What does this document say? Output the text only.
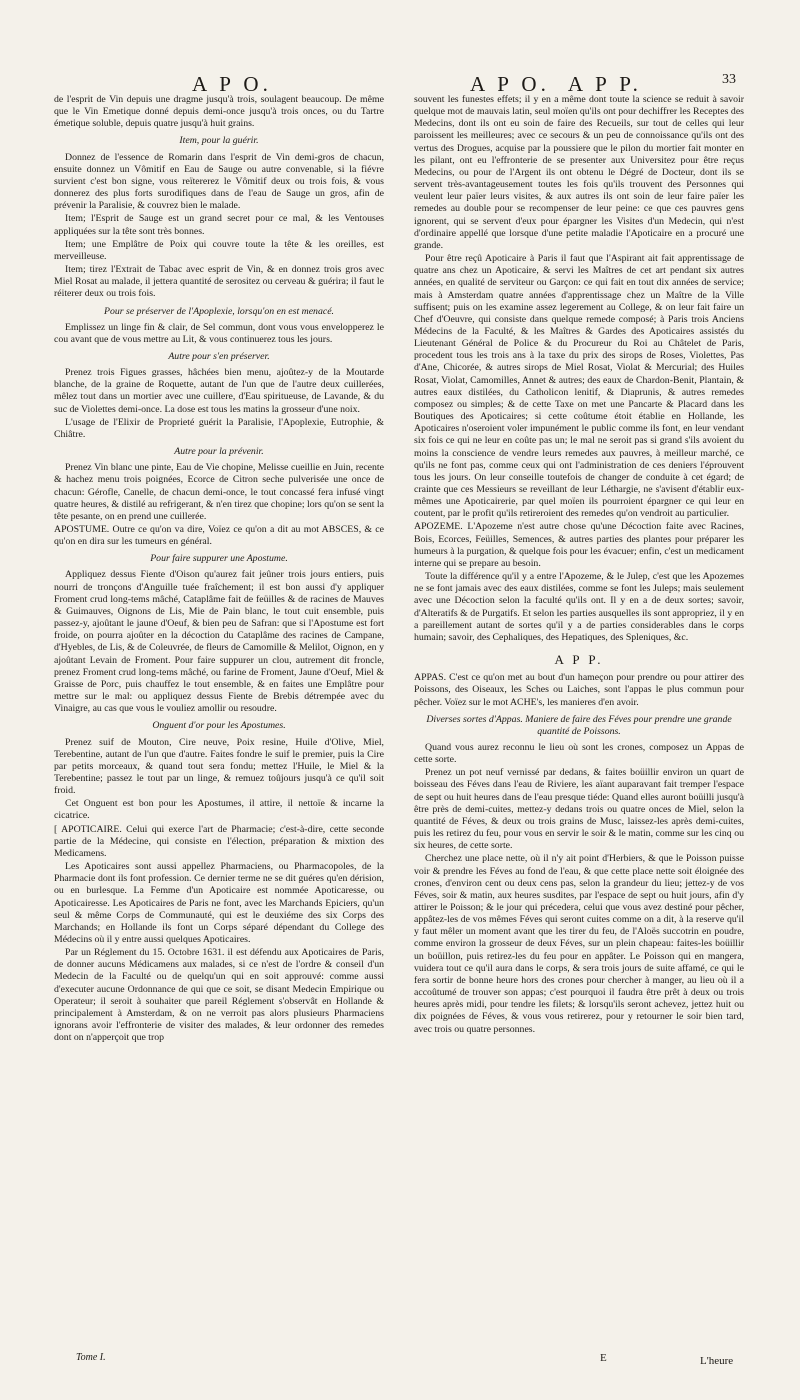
A P O.	A P O. A P P.	33

de l'esprit de Vin depuis une dragme jusqu'à trois, soulagent beaucoup. De même que le Vin Emetique donné depuis demi-once jusqu'à trois onces, ou du Tartre émetique soluble, depuis quatre jusqu'à huit grains.

Item, pour la guérir.

Donnez de l'essence de Romarin dans l'esprit de Vin demi-gros de chacun, ensuite donnez un Vômitif en Eau de Sauge ou autre convenable, si la fiévre survient c'est bon signe, vous reïtererez le Vômitif deux ou trois fois, & vous donnerez des plus forts surodifiques dans de l'eau de Sauge un gros, afin de prévenir la Paralisie, & couvrez bien le malade.

Item; l'Esprit de Sauge est un grand secret pour ce mal, & les Ventouses appliquées sur la tête sont très bonnes.

Item; une Emplâtre de Poix qui couvre toute la tête & les oreilles, est merveilleuse.

Item; tirez l'Extrait de Tabac avec esprit de Vin, & en donnez trois gros avec Miel Rosat au malade, il jettera quantité de serositez ou cerveau & guérira; il faut le réiterer deux ou trois fois.

Pour se préserver de l'Apoplexie, lorsqu'on en est menacé.

Emplissez un linge fin & clair, de Sel commun, dont vous vous envelopperez le cou avant que de vous mettre au Lit, & vous continuerez tous les jours.

Autre pour s'en préserver.

Prenez trois Figues grasses, hâchées bien menu, ajoûtez-y de la Moutarde blanche, de la graine de Roquette, autant de l'un que de l'autre deux cuillerées, mêlez tout dans un mortier avec une cuillere, d'Eau spiritueuse, de Lavande, & du suc de Violettes demi-once. La dose est tous les matins la grosseur d'une noix.

L'usage de l'Elixir de Proprieté guérit la Paralisie, l'Apoplexie, Eutrophie, & Chiâtre.

Autre pour la prévenir.

Prenez Vin blanc une pinte, Eau de Vie chopine, Melisse cueillie en Juin, recente & hachez menu trois poignées, Ecorce de Citron seche pulverisée une once de chacun: Gérofle, Canelle, de chacun demi-once, le tout concassé fera infusé vingt quatre heures, & distilé au refrigerant, & n'en tirez que chopine; lors qu'on se sent la tête pesante, on en prend une cuillerée.

APOSTUME. Outre ce qu'on va dire, Voïez ce qu'on a dit au mot ABSCES, & ce qu'on en dira sur les tumeurs en général.

Pour faire suppurer une Apostume.

Appliquez dessus Fiente d'Oison qu'aurez fait jeûner trois jours entiers, puis nourri de tronçons d'Anguille tuée fraîchement; il est bon aussi d'y appliquer Froment crud long-tems mâché, Cataplâme fait de feüilles & de racines de Mauves & Guimauves, Oignons de Lis, Mie de Pain blanc, le tout cuit ensemble, puis passez-y, ajoûtant le jaune d'Oeuf, & bien peu de Safran: que si l'Apostume est fort froide, on pourra ajoûter en la décoction du Cataplâme des racines de Campane, d'Hyebles, de Lis, & de Coleuvrée, de fleurs de Camomille & Melilot, Oignon, en y ajoûtant Levain de Froment. Pour faire suppurer un clou, autrement dit froncle, prenez Froment crud long-tems mâché, ou farine de Froment, Jaune d'Oeuf, Miel & Graisse de Porc, puis chauffez le tout ensemble, & en faites une Emplâtre pour mettre sur le mal: ou appliquez dessus Fiente de Brebis détrempée avec du Vinaigre, au cas que vous le vouliez amollir ou resoudre.

Onguent d'or pour les Apostumes.

Prenez suif de Mouton, Cire neuve, Poix resine, Huile d'Olive, Miel, Terebentine, autant de l'un que d'autre. Faites fondre le suif le premier, puis la Cire par petits morceaux, & quand tout sera fondu; mettez l'Huile, le Miel & la Terebentine; passez le tout par un linge, & remuez toûjours jusqu'à ce qu'il soit froid.

Cet Onguent est bon pour les Apostumes, il attire, il nettoïe & incarne la cicatrice.

[ APOTICAIRE. Celui qui exerce l'art de Pharmacie; c'est-à-dire, cette seconde partie de la Médecine, qui consiste en l'élection, préparation & mixtion des Medicamens.

Les Apoticaires sont aussi appellez Pharmaciens, ou Pharmacopoles, de la Pharmacie dont ils font profession. Ce dernier terme ne se dit guéres qu'en dérision, ou en burlesque. La Femme d'un Apoticaire est nommée Apoticaresse, ou Apoticairesse. Les Apoticaires de Paris ne font, avec les Marchands Epiciers, qu'un seul & même Corps de Communauté, qui est le deuxiéme des six Corps des Marchands; en Hollande ils font un Corps séparé dépendant du College des Médecins où il y entre aussi quelques Apoticaires.

Par un Réglement du 15. Octobre 1631. il est défendu aux Apoticaires de Paris, de donner aucuns Médicamens aux malades, si ce n'est de l'ordre & conseil d'un Medecin de la Faculté ou de quelqu'un qui en soit approuvé: comme aussi d'executer aucune Ordonnance de qui que ce soit, se disant Medecin Empirique ou Operateur; il seroit à souhaiter que pareil Réglement s'observât en Hollande & principalement à Amsterdam, & on ne verroit pas alors plusieurs Pharmaciens ignorans avoir l'effronterie de visiter des malades, & leur ordonner des remedes dont on n'apperçoit que trop

souvent les funestes effets; il y en a même dont toute la science se reduit à savoir quelque mot de mauvais latin, seul moïen qu'ils ont pour dechiffrer les Receptes des Medecins, dont ils ont eu soin de faire des Recueils, sur tout de celles qui leur paroissent les meilleures; avec ce secours & un peu de connoissance qu'ils ont des vertus des Drogues, acquise par la poussiere que le pilon du mortier fait monter en les pilant, ont eu l'effronterie de se presenter aux Universitez pour être reçus Medecins, ou pour de l'Argent ils ont obtenu le Dégré de Docteur, dont ils se servent très-avantageusement toutes les fois qu'ils trouvent des Personnes qui veulent leur païer leurs visites, & aux autres ils ont soin de leur faire païer les remedes au double pour se recompenser de leur peine: ce que ces pauvres gens ignorent, qui se servent d'eux pour épargner les Visites d'un Medecin, qui n'est d'ordinaire appellé que lorsque d'une petite maladie l'Apoticaire en a procuré une grande.

Pour être reçû Apoticaire à Paris il faut que l'Aspirant ait fait apprentissage de quatre ans chez un Apoticaire, & servi les Maîtres de cet art pendant six autres années, en qualité de serviteur ou Garçon: ce qui fait en tout dix années de service; mais à Amsterdam quatre années d'apprentissage chez un Maître de la Ville suffisent; puis on les examine assez legerement au College, & on leur fait faire un Chef d'Oeuvre, qui consiste dans quelque remede composé; à Paris trois Anciens Médecins de la Faculté, & les Maîtres & Gardes des Apoticaires assistés du Lieutenant Général de Police & du Procureur du Roi au Châtelet de Paris, procedent tous les trois ans à la taxe du prix des sirops de Roses, Violettes, Pas d'Ane, Chicorée, & autres sirops de Miel Rosat, Violat & Mercurial; des Huiles Rosat, Violat, Camomilles, Annet & autres; des eaux de Chardon-Benit, Plantain, & autres eaux distilées, du Catholicon lenitif, & Diaprunis, & autres remedes composez ou simples; & de cette Taxe on met une Pancarte & Placard dans les Boutiques des Apoticaires; si cette coûtume étoit établie en Hollande, les Apoticaires n'oseroient voler impunément le public comme ils font, en leur vendant six fois ce qui ne leur en coûte pas un; le mal ne seroit pas si grand s'ils avoient du moins la conscience de vendre leurs remedes aux pauvres, à meilleur marché, ce qu'ils ne font pas, comme ceux qui ont l'administration de ces deniers l'éprouvent tous les jours. On leur conseille toutefois de changer de conduite à cet égard; de crainte que ces Messieurs se reveillant de leur Léthargie, ne s'avisent d'établir eux-mêmes une Apoticairerie, par quel moïen ils pourroient épargner ce qui leur en coutent, par le profit qu'ils retireroient des remedes qu'on vendroit au particulier.

APOZEME. L'Apozeme n'est autre chose qu'une Décoction faite avec Racines, Bois, Ecorces, Feüilles, Semences, & autres parties des plantes pour préparer les humeurs à la purgation, & quelque fois pour les évacuer; enfin, c'est un medicament interne qui se prepare au besoin.

Toute la différence qu'il y a entre l'Apozeme, & le Julep, c'est que les Apozemes ne se font jamais avec des eaux distilées, comme se font les Juleps; mais seulement avec une Décoction selon la faculté qu'ils ont. Il y en a de deux sortes; savoir, d'Alteratifs & de Purgatifs. Et selon les parties ausquelles ils sont appropriez, il y en a pareillement autant de sortes qu'il y a de parties considerables dans le corps humain; savoir, des Cephaliques, des Hepatiques, des Spleniques, &c.

A P P.

APPAS. C'est ce qu'on met au bout d'un hameçon pour prendre ou pour attirer des Poissons, des Oiseaux, les Sches ou Laiches, sont l'appas le plus commun pour pêcher. Voïez sur le mot ACHE's, les manieres d'en avoir.

Diverses sortes d'Appas. Maniere de faire des Féves pour prendre une grande quantité de Poissons.

Quand vous aurez reconnu le lieu où sont les crones, composez un Appas de cette sorte.

Prenez un pot neuf vernissé par dedans, & faites boüillir environ un quart de boisseau des Féves dans l'eau de Riviere, les aïant auparavant fait tremper l'espace de sept ou huit heures dans de l'eau presque tiéde: Quand elles auront boüilli jusqu'à être près de demi-cuites, mettez-y dedans trois ou quatre onces de Miel, selon la quantité de Féves, & deux ou trois grains de Musc, laissez-les après demi-cuites, puis les retirez du feu, pour vous en servir le soir & le matin, comme sur les cinq ou six heures, de cette sorte.

Cherchez une place nette, où il n'y ait point d'Herbiers, & que le Poisson puisse voir & prendre les Féves au fond de l'eau, & que cette place nette soit éloignée des crones, d'environ cent ou deux cens pas, selon la grandeur du lieu; jettez-y de vos Féves, soir & matin, aux heures susdites, par l'espace de sept ou huit jours, afin d'y attirer le Poisson; & le jour qui précedera, celui que vous avez destiné pour pêcher, appâtez-les de vos mêmes Féves qui seront cuites comme on a dit, à la reserve qu'il y faut mêler un moment avant que les tirer du feu, de l'Aloës succotrin en poudre, comme environ la grosseur de deux Féves, sur un plein chapeau: faites-les boüillir un boüillon, puis retirez-les du feu pour en appâter. Le Poisson qui en mangera, vuidera tout ce qu'il aura dans le corps, & sera trois jours de suite affamé, ce qui le fera sortir de bonne heure hors des crones pour chercher à manger, au lieu où il a accoûtumé de trouver son appas; c'est pourquoi il faudra être prêt à deux ou trois heures après midi, pour tendre les filets; & lorsqu'ils seront achevez, jettez huit ou dix poignées de Féves, & vous vous retirerez, pour y retourner le soir bien tard, avec trois ou quatre personnes.

Tome I.	E	L'heure
